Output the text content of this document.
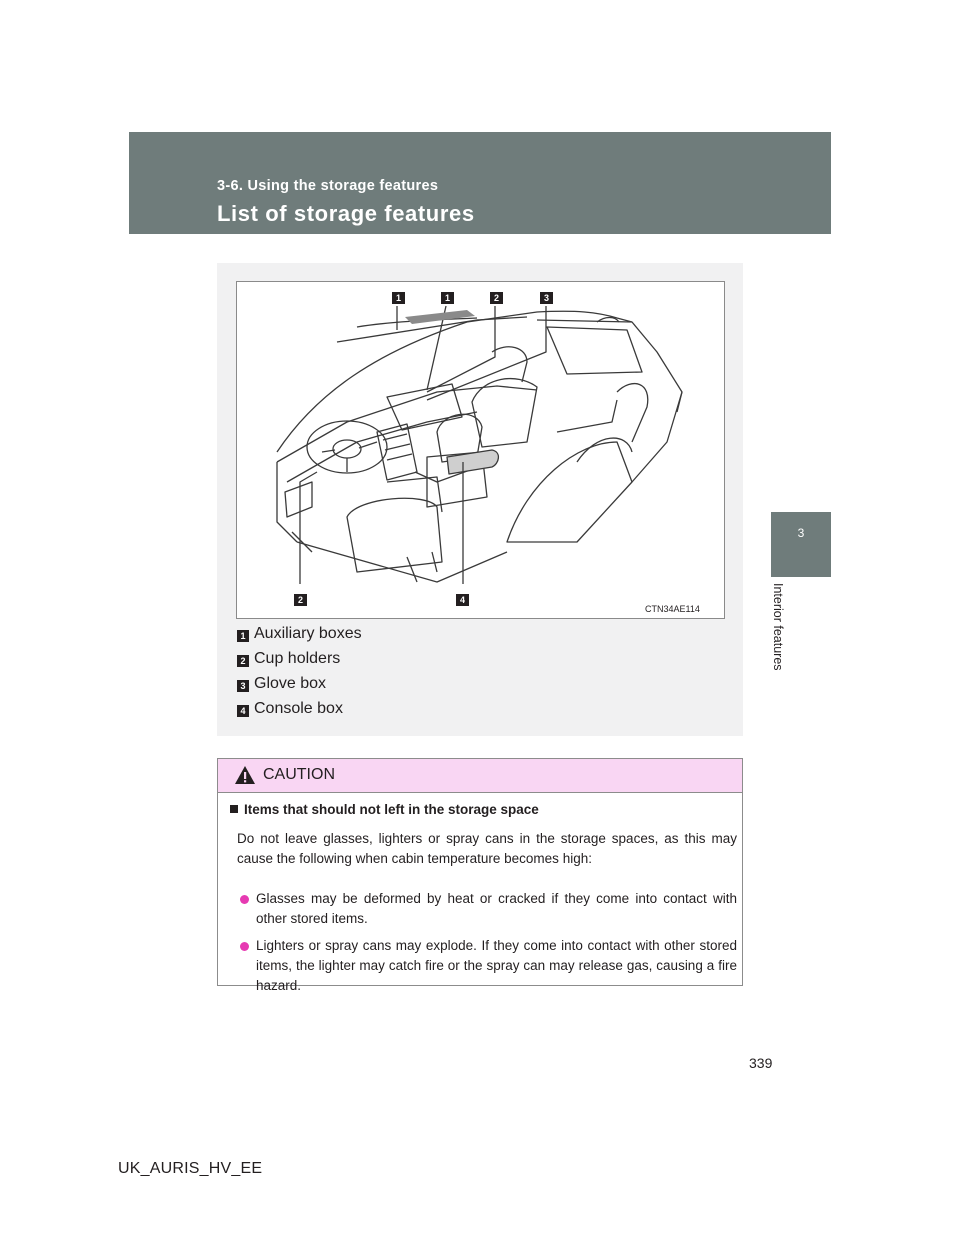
3-6. Using the storage features
List of storage features
3
Interior features
1	1	2	3
2	4
CTN34AE114
1 Auxiliary boxes
2 Cup holders
3 Glove box
4 Console box
CAUTION
Items that should not left in the storage space
Do not leave glasses, lighters or spray cans in the storage spaces, as this may cause the following when cabin temperature becomes high:
Glasses may be deformed by heat or cracked if they come into contact with other stored items.
Lighters or spray cans may explode. If they come into contact with other stored items, the lighter may catch fire or the spray can may release gas, causing a fire hazard.
339
UK_AURIS_HV_EE
